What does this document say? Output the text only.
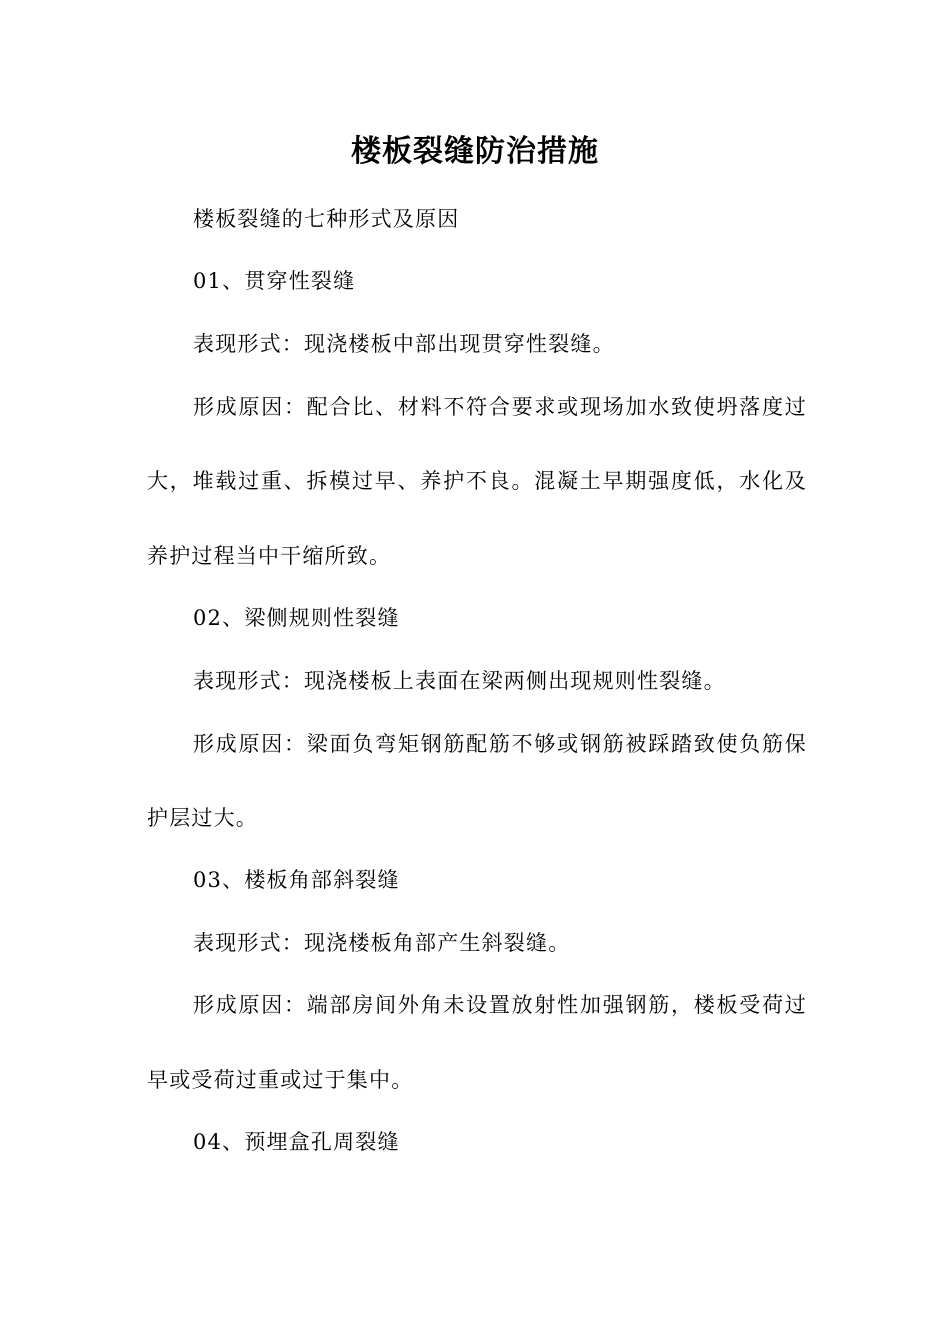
楼板裂缝防治措施
楼板裂缝的七种形式及原因
01、贯穿性裂缝
表现形式：现浇楼板中部出现贯穿性裂缝。
形成原因：配合比、材料不符合要求或现场加水致使坍落度过
大，堆载过重、拆模过早、养护不良。混凝土早期强度低，水化及
养护过程当中干缩所致。
02、梁侧规则性裂缝
表现形式：现浇楼板上表面在梁两侧出现规则性裂缝。
形成原因：梁面负弯矩钢筋配筋不够或钢筋被踩踏致使负筋保
护层过大。
03、楼板角部斜裂缝
表现形式：现浇楼板角部产生斜裂缝。
形成原因：端部房间外角未设置放射性加强钢筋，楼板受荷过
早或受荷过重或过于集中。
04、预埋盒孔周裂缝
